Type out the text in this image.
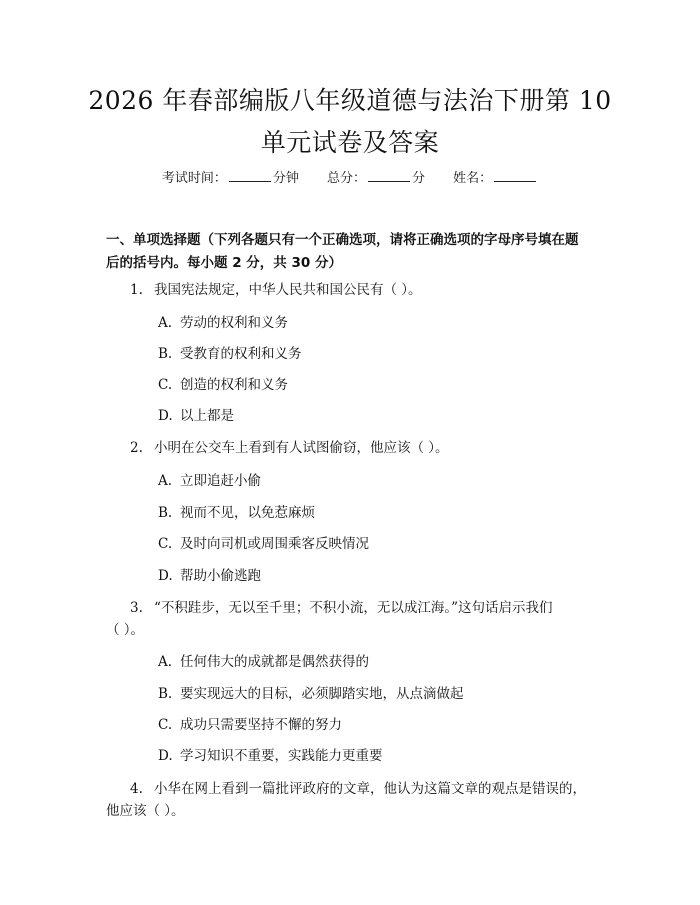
2026 年春部编版八年级道德与法治下册第 10
单元试卷及答案
考试时间：	分钟 总分：	分 姓名：
一、单项选择题（下列各题只有一个正确选项，请将正确选项的字母序号填在题
后的括号内。每小题 2 分，共 30 分）
1. 我国宪法规定，中华人民共和国公民有（ ）。
A. 劳动的权利和义务
B. 受教育的权利和义务
C. 创造的权利和义务
D. 以上都是
2. 小明在公交车上看到有人试图偷窃，他应该（ ）。
A. 立即追赶小偷
B. 视而不见，以免惹麻烦
C. 及时向司机或周围乘客反映情况
D. 帮助小偷逃跑
3. “不积跬步，无以至千里；不积小流，无以成江海。”这句话启示我们
（ ）。
A. 任何伟大的成就都是偶然获得的
B. 要实现远大的目标，必须脚踏实地，从点滴做起
C. 成功只需要坚持不懈的努力
D. 学习知识不重要，实践能力更重要
4. 小华在网上看到一篇批评政府的文章，他认为这篇文章的观点是错误的，
他应该（ ）。
